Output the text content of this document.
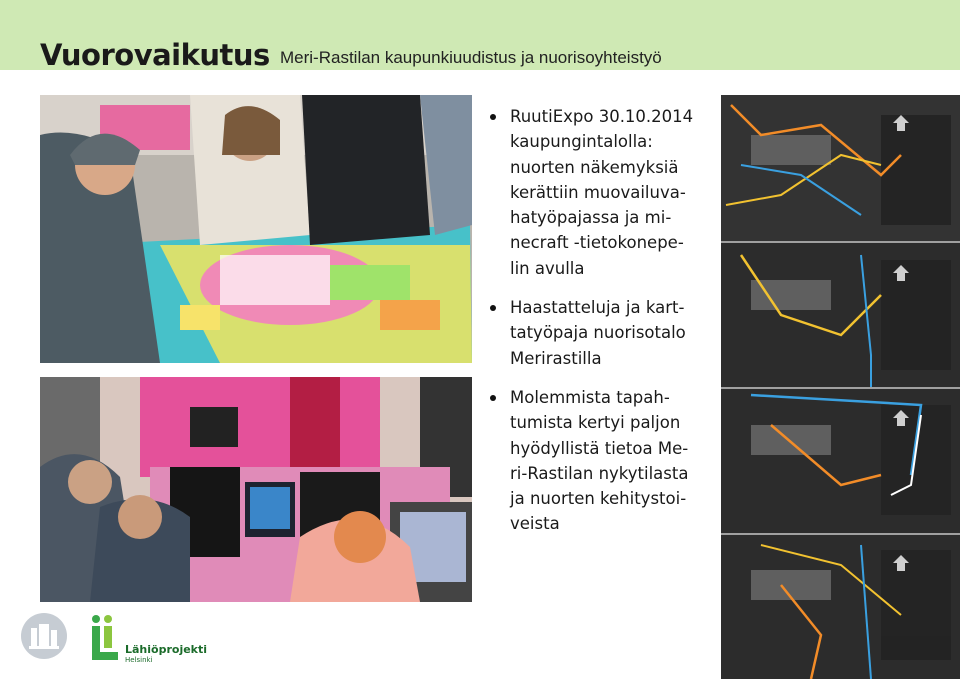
Vuorovaikutus Meri-Rastilan kaupunkiuudistus ja nuorisoyhteistyö
RuutiExpo 30.10.2014
kaupungintalolla:
nuorten näkemyksiä
kerättiin muovailuva-
hatyöpajassa ja mi-
necraft -tietokonepe-
lin avulla
Haastatteluja ja kart-
tatyöpaja nuorisotalo
Merirastilla
Molemmista tapah-
tumista kertyi paljon
hyödyllistä tietoa Me-
ri-Rastilan nykytilasta
ja nuorten kehitystoi-
veista
Lähiöprojekti
Helsinki
